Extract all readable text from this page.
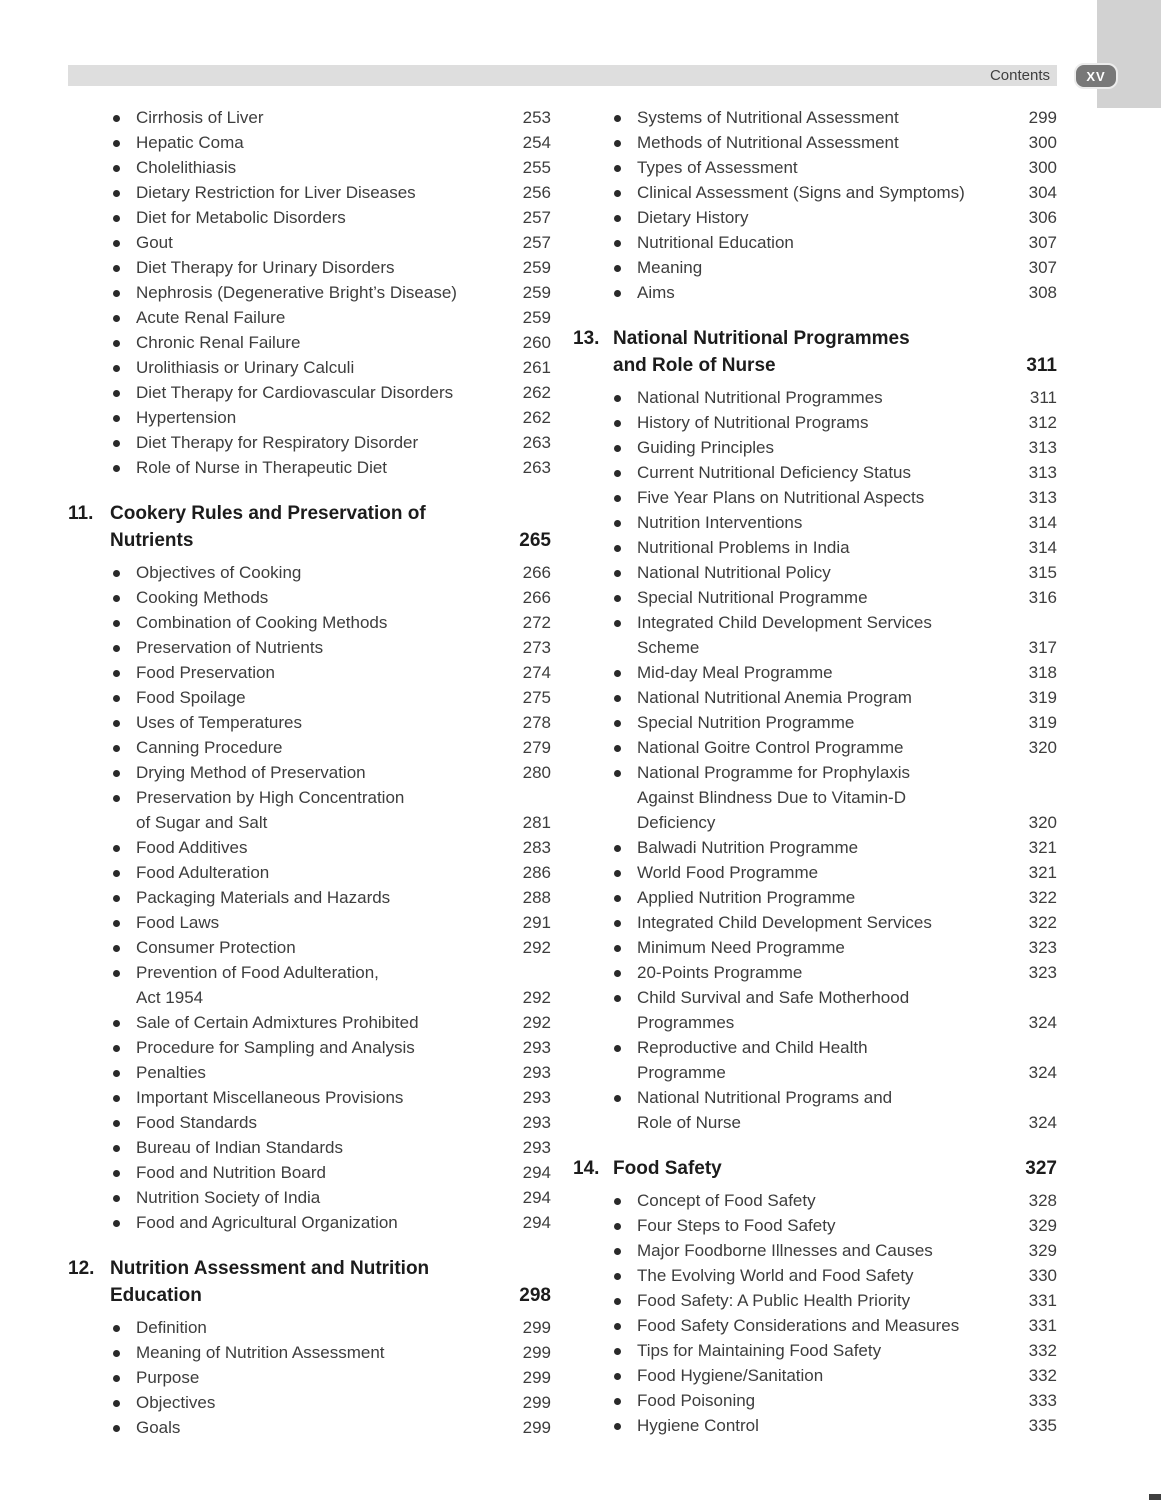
Contents	XV
Cirrhosis of Liver	253
Hepatic Coma	254
Cholelithiasis	255
Dietary Restriction for Liver Diseases	256
Diet for Metabolic Disorders	257
Gout	257
Diet Therapy for Urinary Disorders	259
Nephrosis (Degenerative Bright’s Disease)	259
Acute Renal Failure	259
Chronic Renal Failure	260
Urolithiasis or Urinary Calculi	261
Diet Therapy for Cardiovascular Disorders	262
Hypertension	262
Diet Therapy for Respiratory Disorder	263
Role of Nurse in Therapeutic Diet	263
11. Cookery Rules and Preservation of
Nutrients	265
Objectives of Cooking	266
Cooking Methods	266
Combination of Cooking Methods	272
Preservation of Nutrients	273
Food Preservation	274
Food Spoilage	275
Uses of Temperatures	278
Canning Procedure	279
Drying Method of Preservation	280
Preservation by High Concentration
of Sugar and Salt	281
Food Additives	283
Food Adulteration	286
Packaging Materials and Hazards	288
Food Laws	291
Consumer Protection	292
Prevention of Food Adulteration,
Act 1954	292
Sale of Certain Admixtures Prohibited	292
Procedure for Sampling and Analysis	293
Penalties	293
Important Miscellaneous Provisions	293
Food Standards	293
Bureau of Indian Standards	293
Food and Nutrition Board	294
Nutrition Society of India	294
Food and Agricultural Organization	294
12. Nutrition Assessment and Nutrition
Education	298
Definition	299
Meaning of Nutrition Assessment	299
Purpose	299
Objectives	299
Goals	299
Systems of Nutritional Assessment	299
Methods of Nutritional Assessment	300
Types of Assessment	300
Clinical Assessment (Signs and Symptoms)	304
Dietary History	306
Nutritional Education	307
Meaning	307
Aims	308
13. National Nutritional Programmes
and Role of Nurse	311
National Nutritional Programmes	311
History of Nutritional Programs	312
Guiding Principles	313
Current Nutritional Deficiency Status	313
Five Year Plans on Nutritional Aspects	313
Nutrition Interventions	314
Nutritional Problems in India	314
National Nutritional Policy	315
Special Nutritional Programme	316
Integrated Child Development Services
Scheme	317
Mid-day Meal Programme	318
National Nutritional Anemia Program	319
Special Nutrition Programme	319
National Goitre Control Programme	320
National Programme for Prophylaxis
Against Blindness Due to Vitamin-D
Deficiency	320
Balwadi Nutrition Programme	321
World Food Programme	321
Applied Nutrition Programme	322
Integrated Child Development Services	322
Minimum Need Programme	323
20-Points Programme	323
Child Survival and Safe Motherhood
Programmes	324
Reproductive and Child Health
Programme	324
National Nutritional Programs and
Role of Nurse	324
14. Food Safety	327
Concept of Food Safety	328
Four Steps to Food Safety	329
Major Foodborne Illnesses and Causes	329
The Evolving World and Food Safety	330
Food Safety: A Public Health Priority	331
Food Safety Considerations and Measures	331
Tips for Maintaining Food Safety	332
Food Hygiene/Sanitation	332
Food Poisoning	333
Hygiene Control	335
